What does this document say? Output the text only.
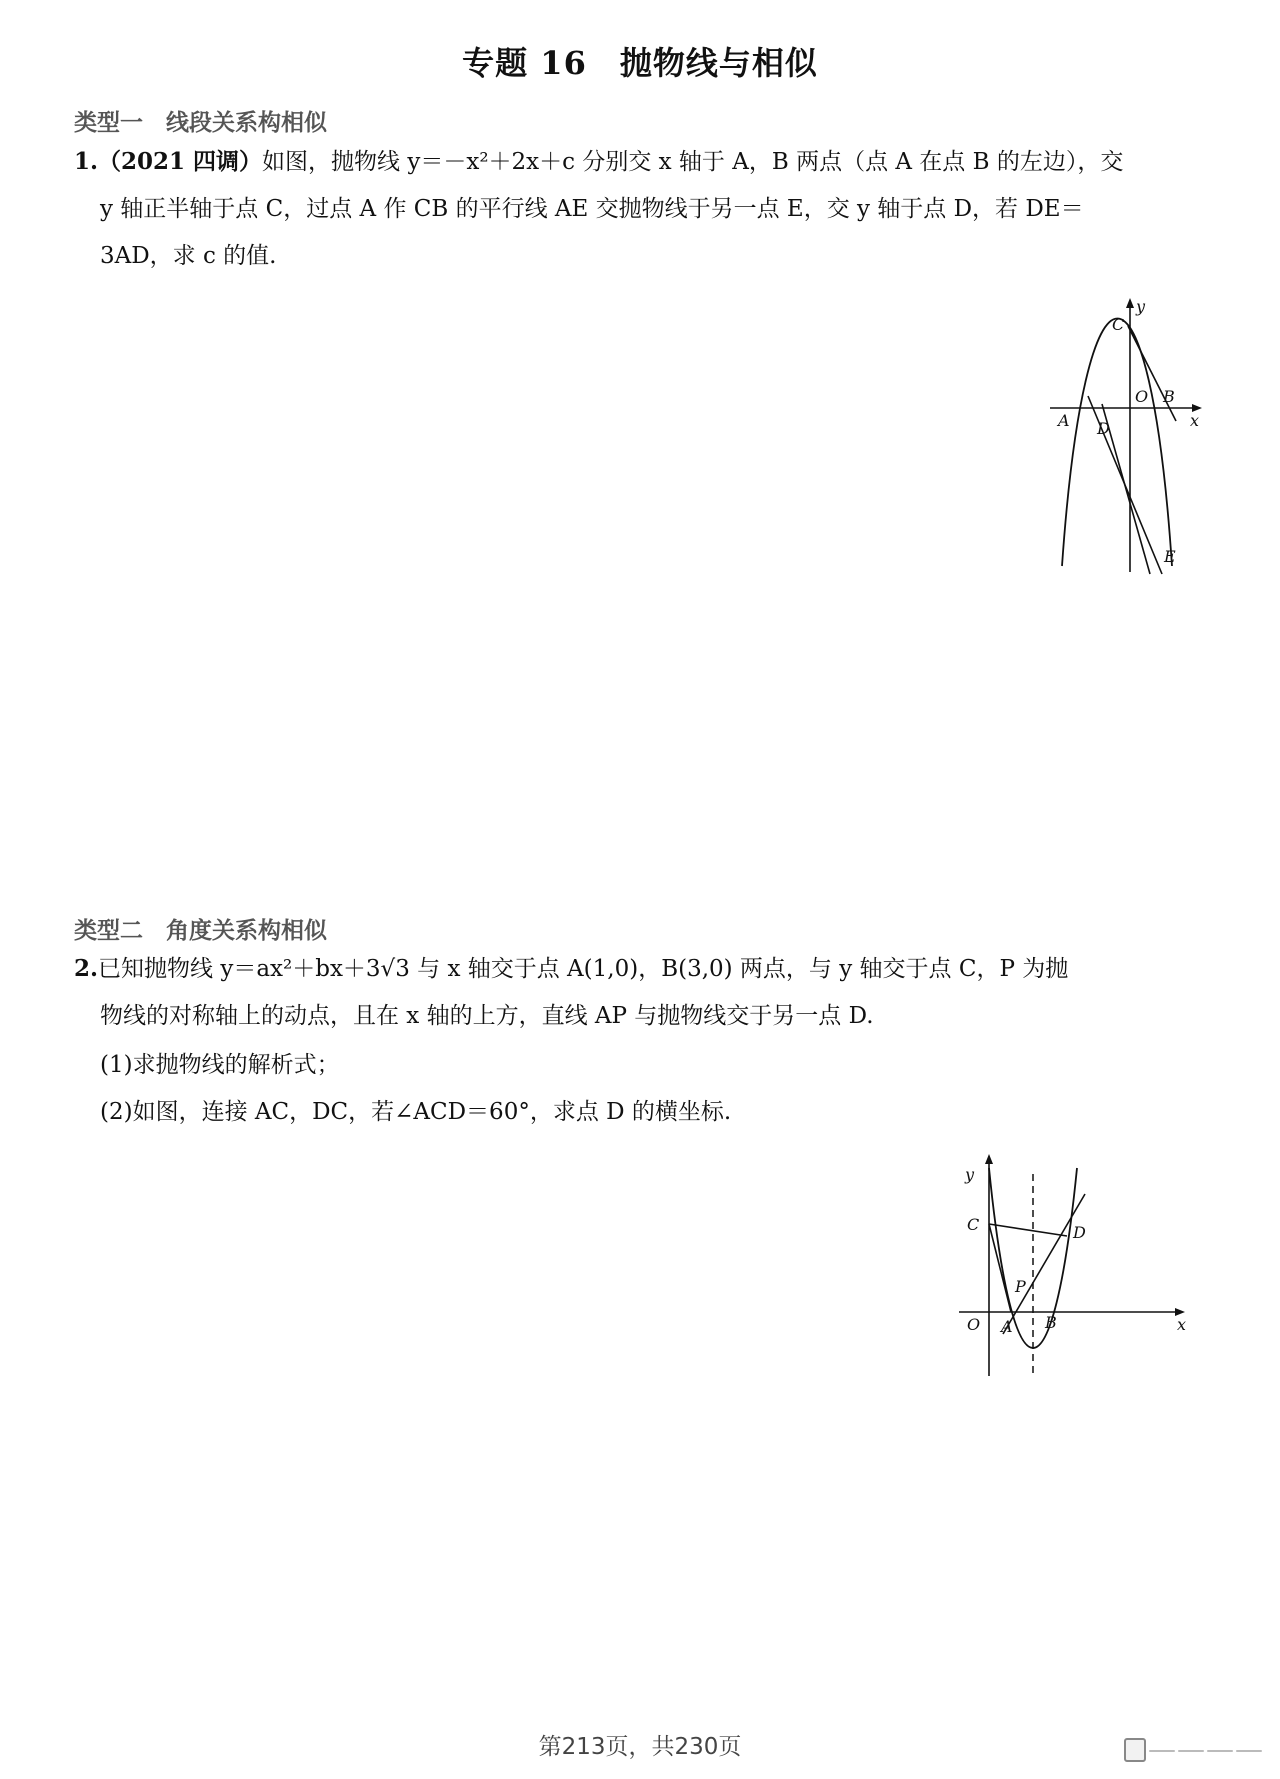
专题 16　抛物线与相似
类型一　线段关系构相似
1.（2021 四调）如图，抛物线 y＝－x²＋2x＋c 分别交 x 轴于 A，B 两点（点 A 在点 B 的左边），交
y 轴正半轴于点 C，过点 A 作 CB 的平行线 AE 交抛物线于另一点 E，交 y 轴于点 D，若 DE＝
3AD，求 c 的值.
y
C
O B
x
A D
E
类型二　角度关系构相似
2.已知抛物线 y＝ax²＋bx＋3√3 与 x 轴交于点 A(1,0)，B(3,0) 两点，与 y 轴交于点 C，P 为抛
物线的对称轴上的动点，且在 x 轴的上方，直线 AP 与抛物线交于另一点 D.
(1)求抛物线的解析式；
(2)如图，连接 AC，DC，若∠ACD＝60°，求点 D 的横坐标.
y
C	D
P
O A B	x
第213页，共230页
